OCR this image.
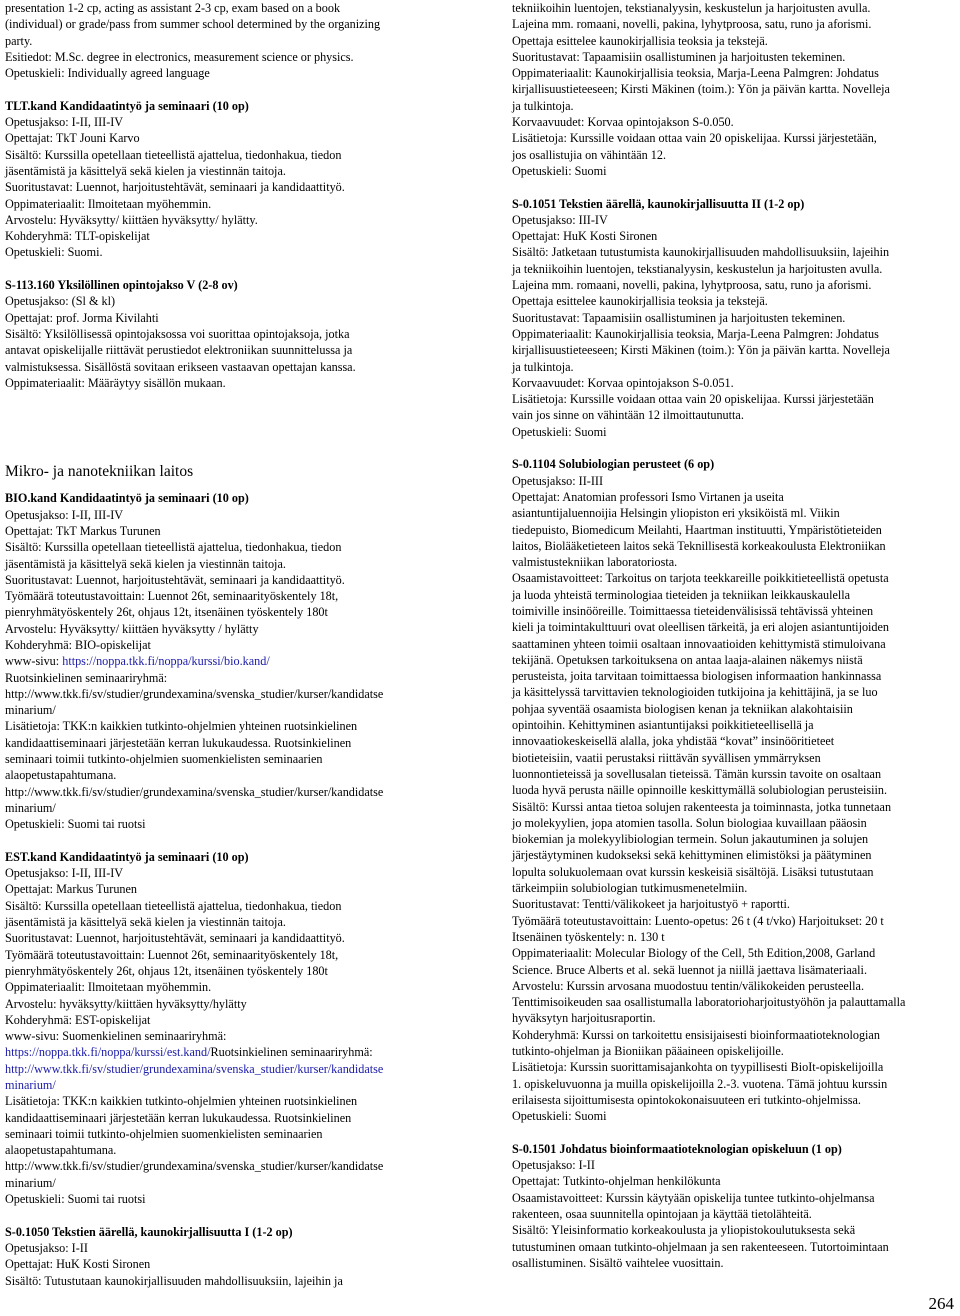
presentation 1-2 cp, acting as assistant 2-3 cp, exam based on a book
(individual) or grade/pass from summer school determined by the organizing
party.
Esitiedot: M.Sc. degree in electronics, measurement science or physics.
Opetuskieli: Individually agreed language
TLT.kand Kandidaatintyö ja seminaari (10 op)
Opetusjakso: I-II, III-IV
Opettajat: TkT Jouni Karvo
Sisältö: Kurssilla opetellaan tieteellistä ajattelua, tiedonhakua, tiedon
jäsentämistä ja käsittelyä sekä kielen ja viestinnän taitoja.
Suoritustavat: Luennot, harjoitustehtävät, seminaari ja kandidaattityö.
Oppimateriaalit: Ilmoitetaan myöhemmin.
Arvostelu: Hyväksytty/ kiittäen hyväksytty/ hylätty.
Kohderyhmä: TLT-opiskelijat
Opetuskieli: Suomi.
S-113.160 Yksilöllinen opintojakso V (2-8 ov)
Opetusjakso: (Sl & kl)
Opettajat: prof. Jorma Kivilahti
Sisältö: Yksilöllisessä opintojaksossa voi suorittaa opintojaksoja, jotka
antavat opiskelijalle riittävät perustiedot elektroniikan suunnittelussa ja
valmistuksessa. Sisällöstä sovitaan erikseen vastaavan opettajan kanssa.
Oppimateriaalit: Määräytyy sisällön mukaan.
Mikro- ja nanotekniikan laitos
BIO.kand Kandidaatintyö ja seminaari (10 op)
Opetusjakso: I-II, III-IV
Opettajat: TkT Markus Turunen
Sisältö: Kurssilla opetellaan tieteellistä ajattelua, tiedonhakua, tiedon
jäsentämistä ja käsittelyä sekä kielen ja viestinnän taitoja.
Suoritustavat: Luennot, harjoitustehtävät, seminaari ja kandidaattityö.
Työmäärä toteutustavoittain: Luennot 26t, seminaarityöskentely 18t,
pienryhmätyöskentely 26t, ohjaus 12t, itsenäinen työskentely 180t
Arvostelu: Hyväksytty/ kiittäen hyväksytty / hylätty
Kohderyhmä: BIO-opiskelijat
www-sivu: https://noppa.tkk.fi/noppa/kurssi/bio.kand/
Ruotsinkielinen seminaariryhmä:
http://www.tkk.fi/sv/studier/grundexamina/svenska_studier/kurser/kandidatse
minarium/
Lisätietoja: TKK:n kaikkien tutkinto-ohjelmien yhteinen ruotsinkielinen
kandidaattiseminaari järjestetään kerran lukukaudessa. Ruotsinkielinen
seminaari toimii tutkinto-ohjelmien suomenkielisten seminaarien
alaopetustapahtumana.
http://www.tkk.fi/sv/studier/grundexamina/svenska_studier/kurser/kandidatse
minarium/
Opetuskieli: Suomi tai ruotsi
EST.kand Kandidaatintyö ja seminaari (10 op)
Opetusjakso: I-II, III-IV
Opettajat: Markus Turunen
Sisältö: Kurssilla opetellaan tieteellistä ajattelua, tiedonhakua, tiedon
jäsentämistä ja käsittelyä sekä kielen ja viestinnän taitoja.
Suoritustavat: Luennot, harjoitustehtävät, seminaari ja kandidaattityö.
Työmäärä toteutustavoittain: Luennot 26t, seminaarityöskentely 18t,
pienryhmätyöskentely 26t, ohjaus 12t, itsenäinen työskentely 180t
Oppimateriaalit: Ilmoitetaan myöhemmin.
Arvostelu: hyväksytty/kiittäen hyväksytty/hylätty
Kohderyhmä: EST-opiskelijat
www-sivu: Suomenkielinen seminaariryhmä:
https://noppa.tkk.fi/noppa/kurssi/est.kand/Ruotsinkielinen seminaariryhmä:
http://www.tkk.fi/sv/studier/grundexamina/svenska_studier/kurser/kandidatse
minarium/
Lisätietoja: TKK:n kaikkien tutkinto-ohjelmien yhteinen ruotsinkielinen
kandidaattiseminaari järjestetään kerran lukukaudessa. Ruotsinkielinen
seminaari toimii tutkinto-ohjelmien suomenkielisten seminaarien
alaopetustapahtumana.
http://www.tkk.fi/sv/studier/grundexamina/svenska_studier/kurser/kandidatse
minarium/
Opetuskieli: Suomi tai ruotsi
S-0.1050 Tekstien äärellä, kaunokirjallisuutta I (1-2 op)
Opetusjakso: I-II
Opettajat: HuK Kosti Sironen
Sisältö: Tutustutaan kaunokirjallisuuden mahdollisuuksiin, lajeihin ja
tekniikoihin luentojen, tekstianalyysin, keskustelun ja harjoitusten avulla.
Lajeina mm. romaani, novelli, pakina, lyhytproosa, satu, runo ja aforismi.
Opettaja esittelee kaunokirjallisia teoksia ja tekstejä.
Suoritustavat: Tapaamisiin osallistuminen ja harjoitusten tekeminen.
Oppimateriaalit: Kaunokirjallisia teoksia, Marja-Leena Palmgren: Johdatus
kirjallisuustieteeseen; Kirsti Mäkinen (toim.): Yön ja päivän kartta. Novelleja
ja tulkintoja.
Korvaavuudet: Korvaa opintojakson S-0.050.
Lisätietoja: Kurssille voidaan ottaa vain 20 opiskelijaa. Kurssi järjestetään,
jos osallistujia on vähintään 12.
Opetuskieli: Suomi
S-0.1051 Tekstien äärellä, kaunokirjallisuutta II (1-2 op)
Opetusjakso: III-IV
Opettajat: HuK Kosti Sironen
Sisältö: Jatketaan tutustumista kaunokirjallisuuden mahdollisuuksiin, lajeihin
ja tekniikoihin luentojen, tekstianalyysin, keskustelun ja harjoitusten avulla.
Lajeina mm. romaani, novelli, pakina, lyhytproosa, satu, runo ja aforismi.
Opettaja esittelee kaunokirjallisia teoksia ja tekstejä.
Suoritustavat: Tapaamisiin osallistuminen ja harjoitusten tekeminen.
Oppimateriaalit: Kaunokirjallisia teoksia, Marja-Leena Palmgren: Johdatus
kirjallisuustieteeseen; Kirsti Mäkinen (toim.): Yön ja päivän kartta. Novelleja
ja tulkintoja.
Korvaavuudet: Korvaa opintojakson S-0.051.
Lisätietoja: Kurssille voidaan ottaa vain 20 opiskelijaa. Kurssi järjestetään
vain jos sinne on vähintään 12 ilmoittautunutta.
Opetuskieli: Suomi
S-0.1104 Solubiologian perusteet (6 op)
Opetusjakso: II-III
Opettajat: Anatomian professori Ismo Virtanen ja useita
asiantuntijaluennoijia Helsingin yliopiston eri yksiköistä ml. Viikin
tiedepuisto, Biomedicum Meilahti, Haartman instituutti, Ympäristötieteiden
laitos, Biolääketieteen laitos sekä Teknillisestä korkeakoulusta Elektroniikan
valmistustekniikan laboratoriosta.
Osaamistavoitteet: Tarkoitus on tarjota teekkareille poikkitieteellistä opetusta
ja luoda yhteistä terminologiaa tieteiden ja tekniikan leikkauskaulella
toimiville insinööreille. Toimittaessa tieteidenvälisissä tehtävissä yhteinen
kieli ja toimintakulttuuri ovat oleellisen tärkeitä, ja eri alojen asiantuntijoiden
saattaminen yhteen toimii osaltaan innovaatioiden kehittymistä stimuloivana
tekijänä. Opetuksen tarkoituksena on antaa laaja-alainen näkemys niistä
perusteista, joita tarvitaan toimittaessa biologisen informaation hankinnassa
ja käsittelyssä tarvittavien teknologioiden tutkijoina ja kehittäjinä, ja se luo
pohjaa syventää osaamista biologisen kenan ja tekniikan alakohtaisiin
opintoihin. Kehittyminen asiantuntijaksi poikkitieteellisellä ja
innovaatiokeskeisellä alalla, joka yhdistää “kovat” insinööritieteet
biotieteisiin, vaatii perustaksi riittävän syvällisen ymmärryksen
luonnontieteissä ja sovellusalan tieteissä. Tämän kurssin tavoite on osaltaan
luoda hyvä perusta näille opinnoille keskittymällä solubiologian perusteisiin.
Sisältö: Kurssi antaa tietoa solujen rakenteesta ja toiminnasta, jotka tunnetaan
jo molekyylien, jopa atomien tasolla. Solun biologiaa kuvaillaan pääosin
biokemian ja molekyylibiologian termein. Solun jakautuminen ja solujen
järjestäytyminen kudokseksi sekä kehittyminen elimistöksi ja päätyminen
lopulta solukuolemaan ovat kurssin keskeisiä sisältöjä. Lisäksi tutustutaan
tärkeimpiin solubiologian tutkimusmenetelmiin.
Suoritustavat: Tentti/välikokeet ja harjoitustyö + raportti.
Työmäärä toteutustavoittain: Luento-opetus: 26 t (4 t/vko) Harjoitukset: 20 t
Itsenäinen työskentely: n. 130 t
Oppimateriaalit: Molecular Biology of the Cell, 5th Edition,2008, Garland
Science. Bruce Alberts et al. sekä luennot ja niillä jaettava lisämateriaali.
Arvostelu: Kurssin arvosana muodostuu tentin/välikokeiden perusteella.
Tenttimisoikeuden saa osallistumalla laboratorioharjoitustyöhön ja palauttamalla
hyväksytyn harjoitusraportin.
Kohderyhmä: Kurssi on tarkoitettu ensisijaisesti bioinformaatioteknologian
tutkinto-ohjelman ja Bioniikan pääaineen opiskelijoille.
Lisätietoja: Kurssin suorittamisajankohta on tyypillisesti BioIt-opiskelijoilla
1. opiskeluvuonna ja muilla opiskelijoilla 2.-3. vuotena. Tämä johtuu kurssin
erilaisesta sijoittumisesta opintokokonaisuuteen eri tutkinto-ohjelmissa.
Opetuskieli: Suomi
S-0.1501 Johdatus bioinformaatioteknologian opiskeluun (1 op)
Opetusjakso: I-II
Opettajat: Tutkinto-ohjelman henkilökunta
Osaamistavoitteet: Kurssin käytyään opiskelija tuntee tutkinto-ohjelmansa
rakenteen, osaa suunnitella opintojaan ja käyttää tietolähteitä.
Sisältö: Yleisinformatio korkeakoulusta ja yliopistokoulutuksesta sekä
tutustuminen omaan tutkinto-ohjelmaan ja sen rakenteeseen. Tutortoimintaan
osallistuminen. Sisältö vaihtelee vuosittain.
264
